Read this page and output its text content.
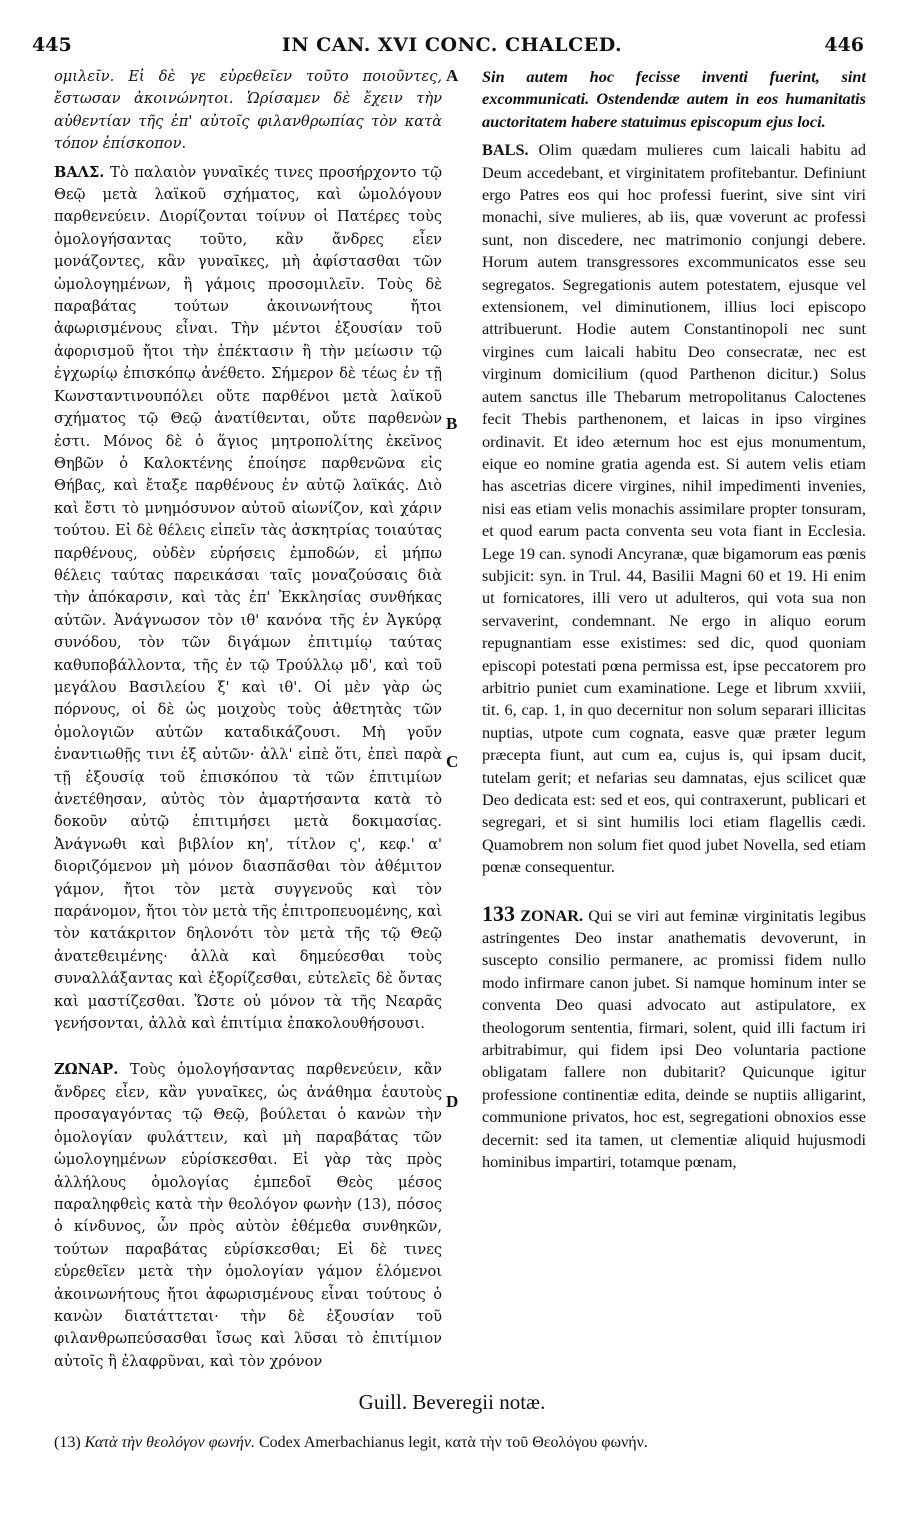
445	IN CAN. XVI CONC. CHALCED.	446

ομιλεῖν. Εἰ δὲ γε εὑρεθεῖεν τοῦτο ποιοῦντες, ἔστωσαν ἀκοινώνητοι. Ὡρίσαμεν δὲ ἔχειν τὴν αὐθεντίαν τῆς ἐπ' αὐτοῖς φιλανθρωπίας τὸν κατὰ τόπον ἐπίσκοπον.

ΒΑΛΣ. Τὸ παλαιὸν γυναῖκές τινες προσήρχοντο τῷ Θεῷ μετὰ λαϊκοῦ σχήματος, καὶ ὡμολόγουν παρθενεύειν. Διορίζονται τοίνυν οἱ Πατέρες τοὺς ὁμολογήσαντας τοῦτο, κἂν ἄνδρες εἶεν μονάζοντες, κἂν γυναῖκες, μὴ ἀφίστασθαι τῶν ὡμολογημένων, ἢ γάμοις προσομιλεῖν. Τοὺς δὲ παραβάτας τούτων ἀκοινωνήτους ἤτοι ἀφωρισμένους εἶναι. Τὴν μέντοι ἐξουσίαν τοῦ ἀφορισμοῦ ἤτοι τὴν ἐπέκτασιν ἢ τὴν μείωσιν τῷ ἐγχωρίῳ ἐπισκόπῳ ἀνέθετο. Σήμερον δὲ τέως ἐν τῇ Κωνσταντινουπόλει οὔτε παρθένοι μετὰ λαϊκοῦ σχήματος τῷ Θεῷ ἀνατίθενται, οὔτε παρθενὼν ἐστι. Μόνος δὲ ὁ ἅγιος μητροπολίτης ἐκεῖνος Θηβῶν ὁ Καλοκτένης ἐποίησε παρθενῶνα εἰς Θήβας, καὶ ἔταξε παρθένους ἐν αὐτῷ λαϊκάς. Διὸ καὶ ἔστι τὸ μνημόσυνον αὐτοῦ αἰωνίζον, καὶ χάριν τούτου. Εἰ δὲ θέλεις εἰπεῖν τὰς ἀσκητρίας τοιαύτας παρθένους, οὐδὲν εὑρήσεις ἐμποδών, εἰ μήπω θέλεις ταύτας παρεικάσαι ταῖς μοναζούσαις διὰ τὴν ἀπόκαρσιν, καὶ τὰς ἐπ' Ἐκκλησίας συνθήκας αὐτῶν. Ἀνάγνωσον τὸν ιθ' κανόνα τῆς ἐν Ἀγκύρᾳ συνόδου, τὸν τῶν διγάμων ἐπιτιμίῳ ταύτας καθυποβάλλοντα, τῆς ἐν τῷ Τρούλλῳ μδ', καὶ τοῦ μεγάλου Βασιλείου ξ' καὶ ιθ'. Οἱ μὲν γὰρ ὡς πόρνους, οἱ δὲ ὡς μοιχοὺς τοὺς ἀθετητὰς τῶν ὁμολογιῶν αὐτῶν καταδικάζουσι. Μὴ γοῦν ἐναντιωθῇς τινι ἐξ αὐτῶν· ἀλλ' εἰπὲ ὅτι, ἐπεὶ παρὰ τῇ ἐξουσίᾳ τοῦ ἐπισκόπου τὰ τῶν ἐπιτιμίων ἀνετέθησαν, αὐτὸς τὸν ἁμαρτήσαντα κατὰ τὸ δοκοῦν αὐτῷ ἐπιτιμήσει μετὰ δοκιμασίας. Ἀνάγνωθι καὶ βιβλίον κη', τίτλον ς', κεφ.' α' διοριζόμενον μὴ μόνον διασπᾶσθαι τὸν ἀθέμιτον γάμον, ἤτοι τὸν μετὰ συγγενοῦς καὶ τὸν παράνομον, ἤτοι τὸν μετὰ τῆς ἐπιτροπευομένης, καὶ τὸν κατάκριτον δηλονότι τὸν μετὰ τῆς τῷ Θεῷ ἀνατεθειμένης· ἀλλὰ καὶ δημεύεσθαι τοὺς συναλλάξαντας καὶ ἐξορίζεσθαι, εὐτελεῖς δὲ ὄντας καὶ μαστίζεσθαι. Ὥστε οὐ μόνον τὰ τῆς Νεαρᾶς γενήσονται, ἀλλὰ καὶ ἐπιτίμια ἐπακολουθήσουσι.

ΖΩΝΑΡ. Τοὺς ὁμολογήσαντας παρθενεύειν, κἂν ἄνδρες εἶεν, κἂν γυναῖκες, ὡς ἀνάθημα ἑαυτοὺς προσαγαγόντας τῷ Θεῷ, βούλεται ὁ κανὼν τὴν ὁμολογίαν φυλάττειν, καὶ μὴ παραβάτας τῶν ὡμολογημένων εὑρίσκεσθαι. Εἰ γὰρ τὰς πρὸς ἀλλήλους ὁμολογίας ἐμπεδοῖ Θεὸς μέσος παραληφθεὶς κατὰ τὴν θεολόγον φωνὴν (13), πόσος ὁ κίνδυνος, ὧν πρὸς αὐτὸν ἐθέμεθα συνθηκῶν, τούτων παραβάτας εὑρίσκεσθαι; Εἰ δὲ τινες εὑρεθεῖεν μετὰ τὴν ὁμολογίαν γάμον ἑλόμενοι ἀκοινωνήτους ἤτοι ἀφωρισμένους εἶναι τούτους ὁ κανὼν διατάττεται· τὴν δὲ ἐξουσίαν τοῦ φιλανθρωπεύσασθαι ἴσως καὶ λῦσαι τὸ ἐπιτίμιον αὐτοῖς ἢ ἐλαφρῦναι, καὶ τὸν χρόνον

A
B
C
D

Sin autem hoc fecisse inventi fuerint, sint excommunicati. Ostendendæ autem in eos humanitatis auctoritatem habere statuimus episcopum ejus loci.

BALS. Olim quædam mulieres cum laicali habitu ad Deum accedebant, et virginitatem profitebantur. Definiunt ergo Patres eos qui hoc professi fuerint, sive sint viri monachi, sive mulieres, ab iis, quæ voverunt ac professi sunt, non discedere, nec matrimonio conjungi debere. Horum autem transgressores excommunicatos esse seu segregatos. Segregationis autem potestatem, ejusque vel extensionem, vel diminutionem, illius loci episcopo attribuerunt. Hodie autem Constantinopoli nec sunt virgines cum laicali habitu Deo consecratæ, nec est virginum domicilium (quod Parthenon dicitur.) Solus autem sanctus ille Thebarum metropolitanus Caloctenes fecit Thebis parthenonem, et laicas in ipso virgines ordinavit. Et ideo æternum hoc est ejus monumentum, eique eo nomine gratia agenda est. Si autem velis etiam has ascetrias dicere virgines, nihil impedimenti invenies, nisi eas etiam velis monachis assimilare propter tonsuram, et quod earum pacta conventa seu vota fiant in Ecclesia. Lege 19 can. synodi Ancyranæ, quæ bigamorum eas pœnis subjicit: syn. in Trul. 44, Basilii Magni 60 et 19. Hi enim ut fornicatores, illi vero ut adulteros, qui vota sua non servaverint, condemnant. Ne ergo in aliquo eorum repugnantiam esse existimes: sed dic, quod quoniam episcopi potestati pœna permissa est, ipse peccatorem pro arbitrio puniet cum examinatione. Lege et librum xxviii, tit. 6, cap. 1, in quo decernitur non solum separari illicitas nuptias, utpote cum cognata, easve quæ præter legum præcepta fiunt, aut cum ea, cujus is, qui ipsam ducit, tutelam gerit; et nefarias seu damnatas, ejus scilicet quæ Deo dedicata est: sed et eos, qui contraxerunt, publicari et segregari, et si sint humilis loci etiam flagellis cædi. Quamobrem non solum fiet quod jubet Novella, sed etiam pœnæ consequentur.

133 ZONAR. Qui se viri aut feminæ virginitatis legibus astringentes Deo instar anathematis devoverunt, in suscepto consilio permanere, ac promissi fidem nullo modo infirmare canon jubet. Si namque hominum inter se conventa Deo quasi advocato aut astipulatore, ex theologorum sententia, firmari, solent, quid illi factum iri arbitrabimur, qui fidem ipsi Deo voluntaria pactione obligatam fallere non dubitarit? Quicunque igitur professione continentiæ edita, deinde se nuptiis alligarint, communione privatos, hoc est, segregationi obnoxios esse decernit: sed ita tamen, ut clementiæ aliquid hujusmodi hominibus impartiri, totamque pœnam,

Guill. Beveregii notæ.
(13) Κατὰ τὴν θεολόγον φωνήν. Codex Amerbachianus legit, κατὰ τὴν τοῦ Θεολόγου φωνήν.
